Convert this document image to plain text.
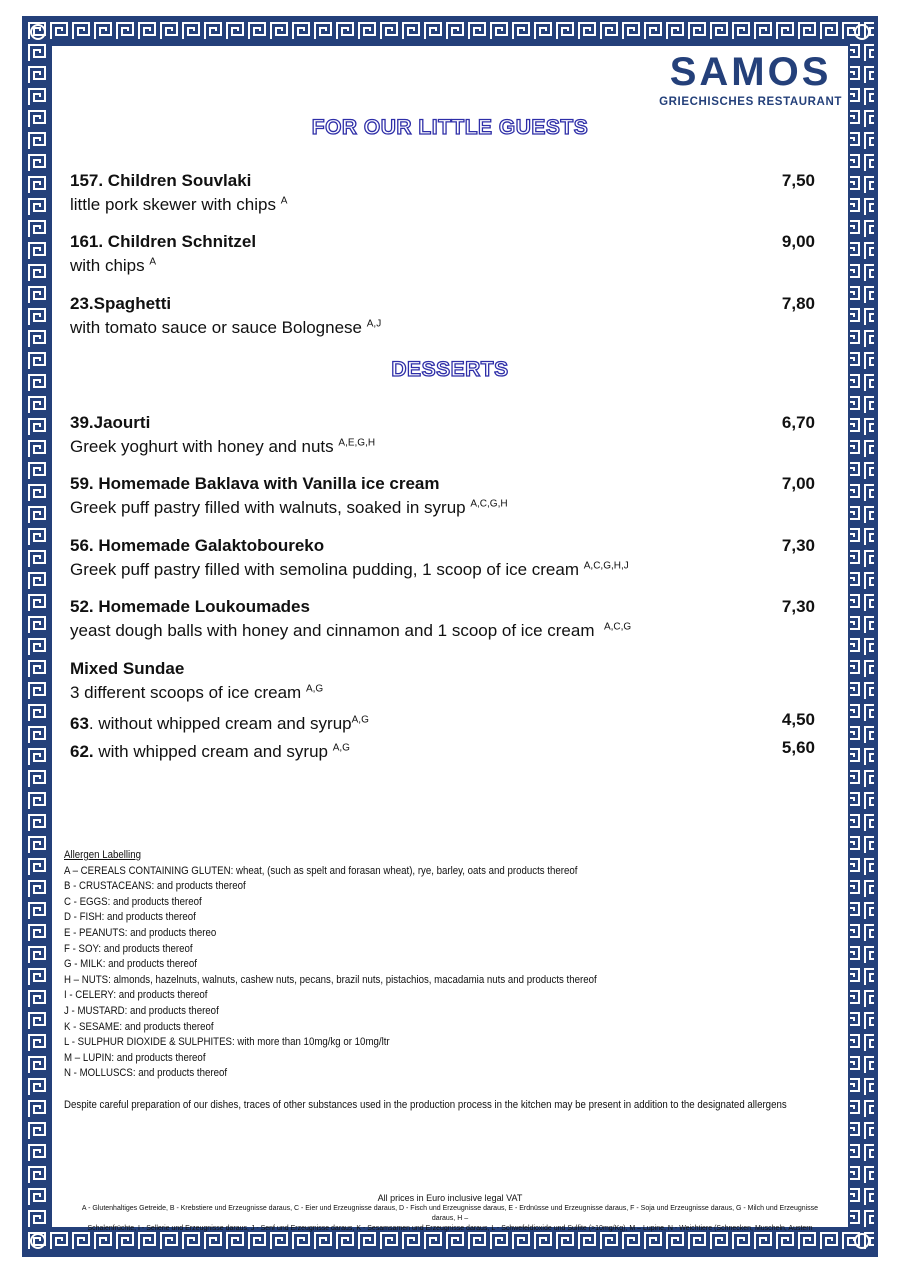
SAMOS
GRIECHISCHES RESTAURANT
FOR OUR LITTLE GUESTS
157. Children Souvlaki
little pork skewer with chips $^A$
7,50
161. Children Schnitzel
with chips $^A$
9,00
23.Spaghetti
with tomato sauce or sauce Bolognese $^{A,J}$
7,80
DESSERTS
39.Jaourti
Greek yoghurt with honey and nuts $^{A,E,G,H}$
6,70
59. Homemade Baklava with Vanilla ice cream
Greek puff pastry filled with walnuts, soaked in syrup $^{A,C,G,H}$
7,00
56. Homemade Galaktoboureko
Greek puff pastry filled with semolina pudding, 1 scoop of ice cream $^{A,C,G,H,J}$
7,30
52. Homemade Loukoumades
yeast dough balls with honey and cinnamon and 1 scoop of ice cream $^{A,C,G}$
7,30
Mixed Sundae
3 different scoops of ice cream $^{A,G}$
63. without whipped cream and syrup$^{A,G}$	4,50
62. with whipped cream and syrup $^{A,G}$	5,60
Allergen Labelling
A – CEREALS CONTAINING GLUTEN: wheat, (such as spelt and forasan wheat), rye, barley, oats and products thereof
B - CRUSTACEANS: and products thereof
C - EGGS: and products thereof
D - FISH: and products thereof
E - PEANUTS: and products thereo
F - SOY: and products thereof
G - MILK: and products thereof
H – NUTS: almonds, hazelnuts, walnuts, cashew nuts, pecans, brazil nuts, pistachios, macadamia nuts and products thereof
I - CELERY: and products thereof
J - MUSTARD: and products thereof
K - SESAME: and products thereof
L - SULPHUR DIOXIDE & SULPHITES: with more than 10mg/kg or 10mg/ltr
M – LUPIN: and products thereof
N - MOLLUSCS: and products thereof
Despite careful preparation of our dishes, traces of other substances used in the production process in the kitchen may be present in addition to the designated allergens
All prices in Euro inclusive legal VAT
A - Glutenhaltiges Getreide, B - Krebstiere und Erzeugnisse daraus, C - Eier und Erzeugnisse daraus, D - Fisch und Erzeugnisse daraus, E - Erdnüsse und Erzeugnisse daraus, F - Soja und Erzeugnisse daraus, G - Milch und Erzeugnisse daraus, H –
Schalenfrüchte, I - Sellerie und Erzeugnisse daraus, J - Senf und Erzeugnisse daraus, K - Sesamsamen und Erzeugnisse daraus, L - Schwefeldioxide und Sulfite (>10mg/Kg), M – Lupine, N - Weichtiere (Schnecken, Muscheln, Austern
